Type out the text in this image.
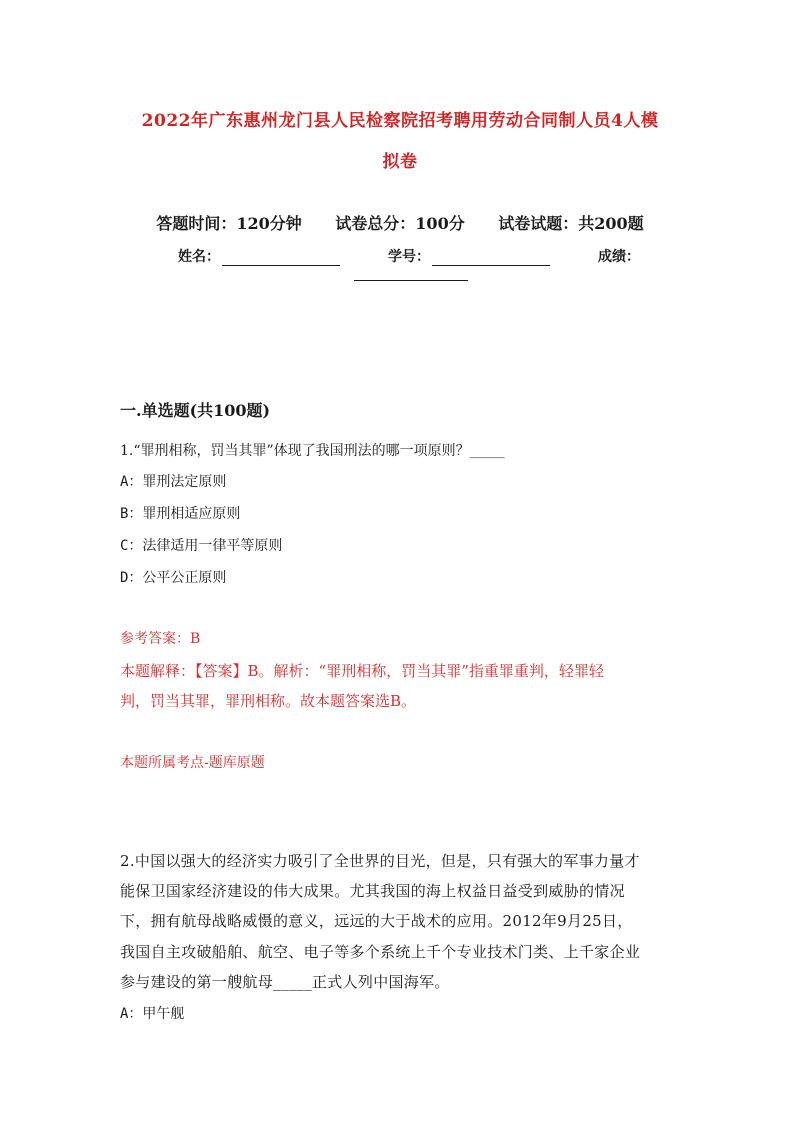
2022年广东惠州龙门县人民检察院招考聘用劳动合同制人员4人模
拟卷
答题时间：120分钟 试卷总分：100分 试卷试题：共200题
姓名：	学号：	成绩：
一.单选题(共100题)
1.“罪刑相称，罚当其罪”体现了我国刑法的哪一项原则？_____
A：罪刑法定原则
B：罪刑相适应原则
C：法律适用一律平等原则
D：公平公正原则
参考答案：B
本题解释：【答案】B。解析：“罪刑相称，罚当其罪”指重罪重判，轻罪轻
判，罚当其罪，罪刑相称。故本题答案选B。
本题所属考点-题库原题
2.中国以强大的经济实力吸引了全世界的目光，但是，只有强大的军事力量才
能保卫国家经济建设的伟大成果。尤其我国的海上权益日益受到威胁的情况
下，拥有航母战略威慑的意义，远远的大于战术的应用。2012年9月25日，
我国自主攻破船舶、航空、电子等多个系统上千个专业技术门类、上千家企业
参与建设的第一艘航母_____正式人列中国海军。
A：甲午舰
